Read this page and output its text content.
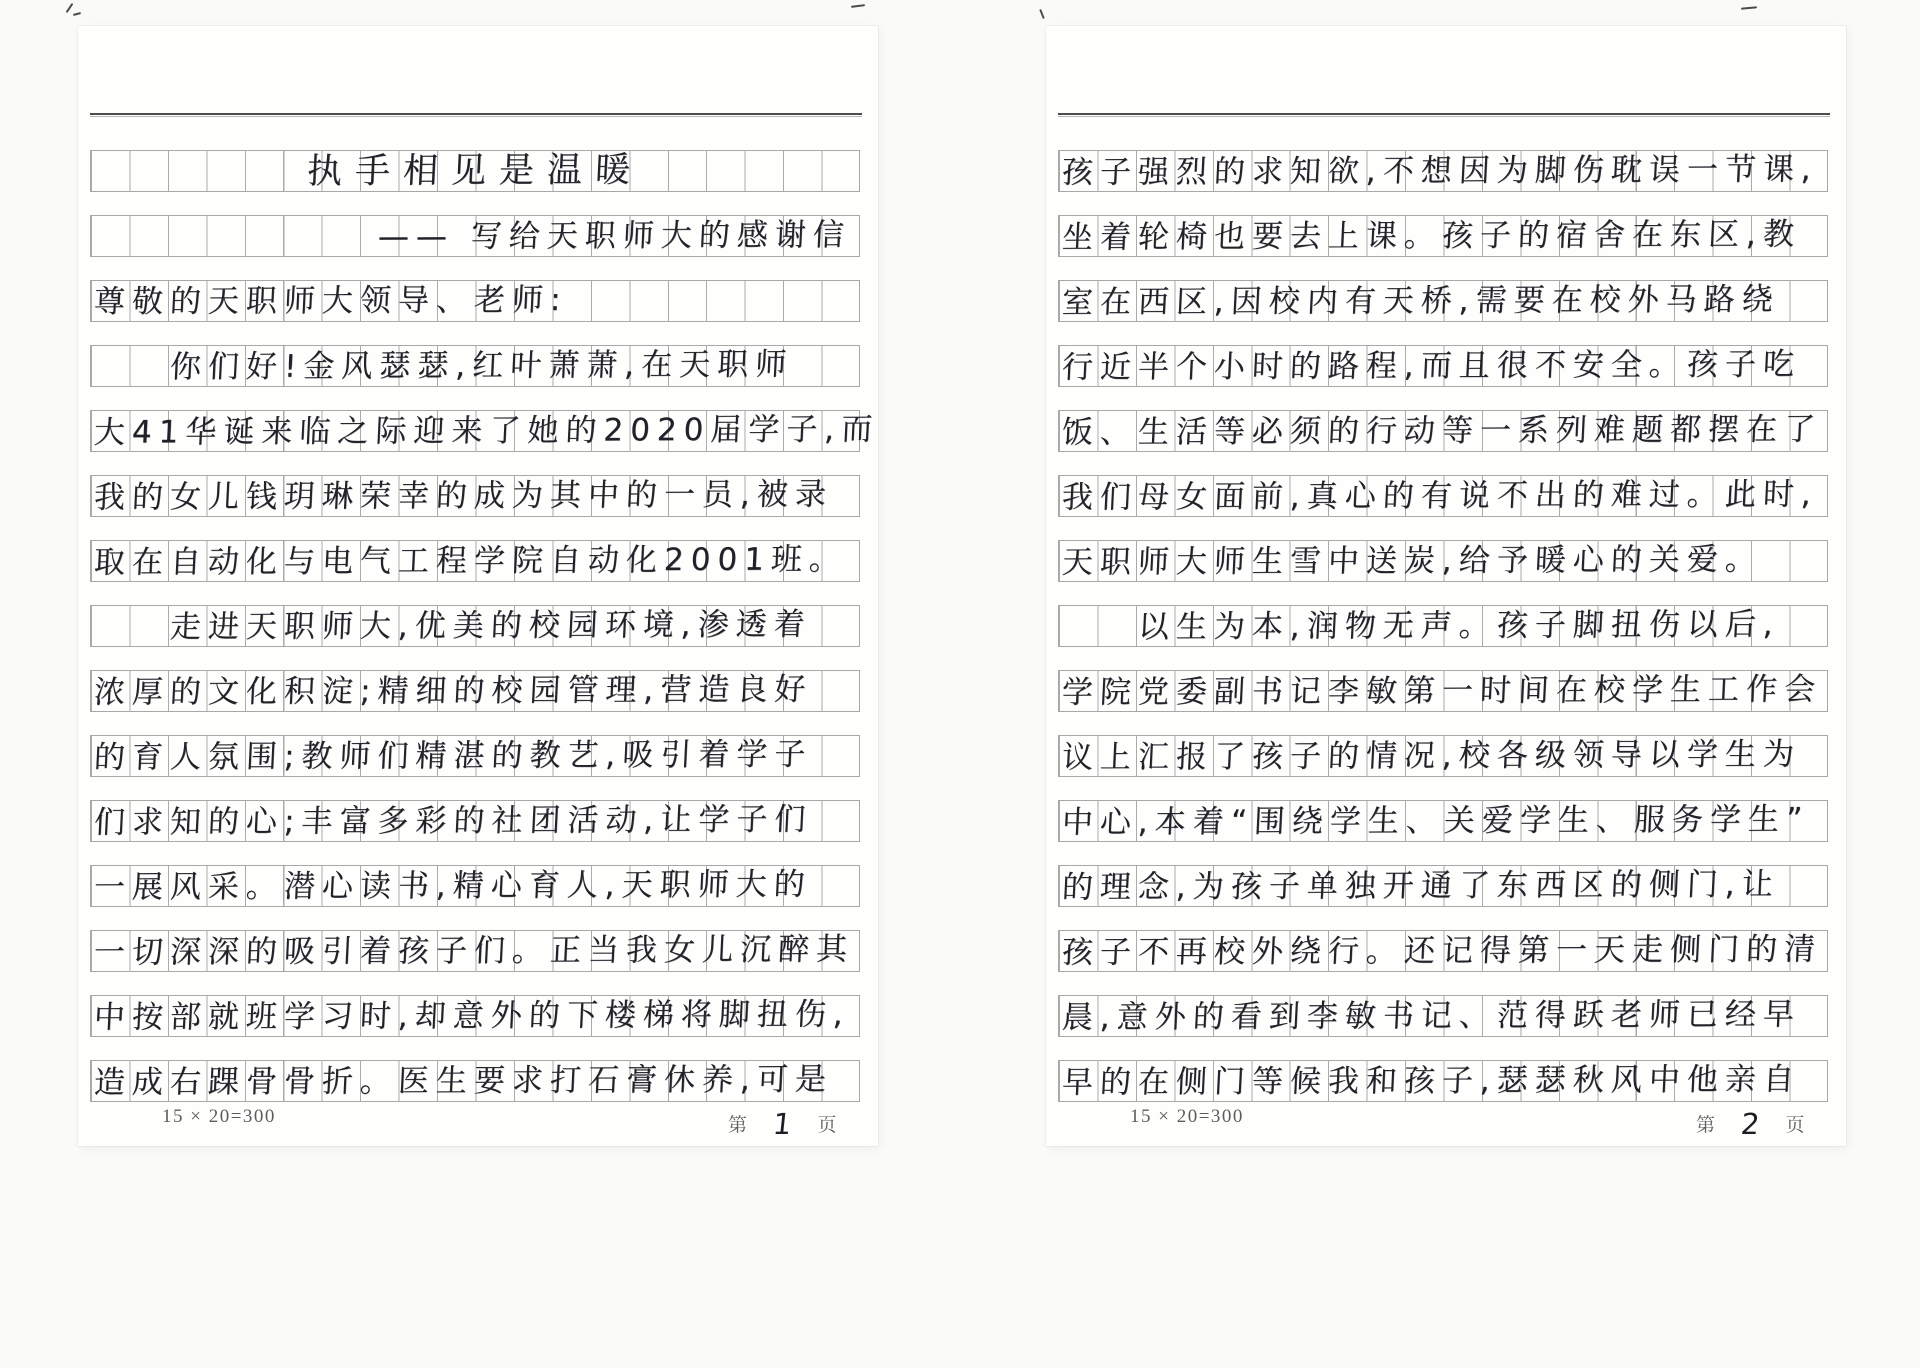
执手相见是温暖
—— 写给天职师大的感谢信
尊敬的天职师大领导、老师:
　　你们好!金风瑟瑟,红叶萧萧,在天职师
大41华诞来临之际迎来了她的2020届学子,而
我的女儿钱玥琳荣幸的成为其中的一员,被录
取在自动化与电气工程学院自动化2001班。
　　走进天职师大,优美的校园环境,渗透着
浓厚的文化积淀;精细的校园管理,营造良好
的育人氛围;教师们精湛的教艺,吸引着学子
们求知的心;丰富多彩的社团活动,让学子们
一展风采。潜心读书,精心育人,天职师大的
一切深深的吸引着孩子们。正当我女儿沉醉其
中按部就班学习时,却意外的下楼梯将脚扭伤,
造成右踝骨骨折。医生要求打石膏休养,可是
15 × 20=300	第 1 页
孩子强烈的求知欲,不想因为脚伤耽误一节课,
坐着轮椅也要去上课。孩子的宿舍在东区,教
室在西区,因校内有天桥,需要在校外马路绕
行近半个小时的路程,而且很不安全。孩子吃
饭、生活等必须的行动等一系列难题都摆在了
我们母女面前,真心的有说不出的难过。此时,
天职师大师生雪中送炭,给予暖心的关爱。
　　以生为本,润物无声。孩子脚扭伤以后,
学院党委副书记李敏第一时间在校学生工作会
议上汇报了孩子的情况,校各级领导以学生为
中心,本着“围绕学生、关爱学生、服务学生”
的理念,为孩子单独开通了东西区的侧门,让
孩子不再校外绕行。还记得第一天走侧门的清
晨,意外的看到李敏书记、范得跃老师已经早
早的在侧门等候我和孩子,瑟瑟秋风中他亲自
15 × 20=300	第 2 页
